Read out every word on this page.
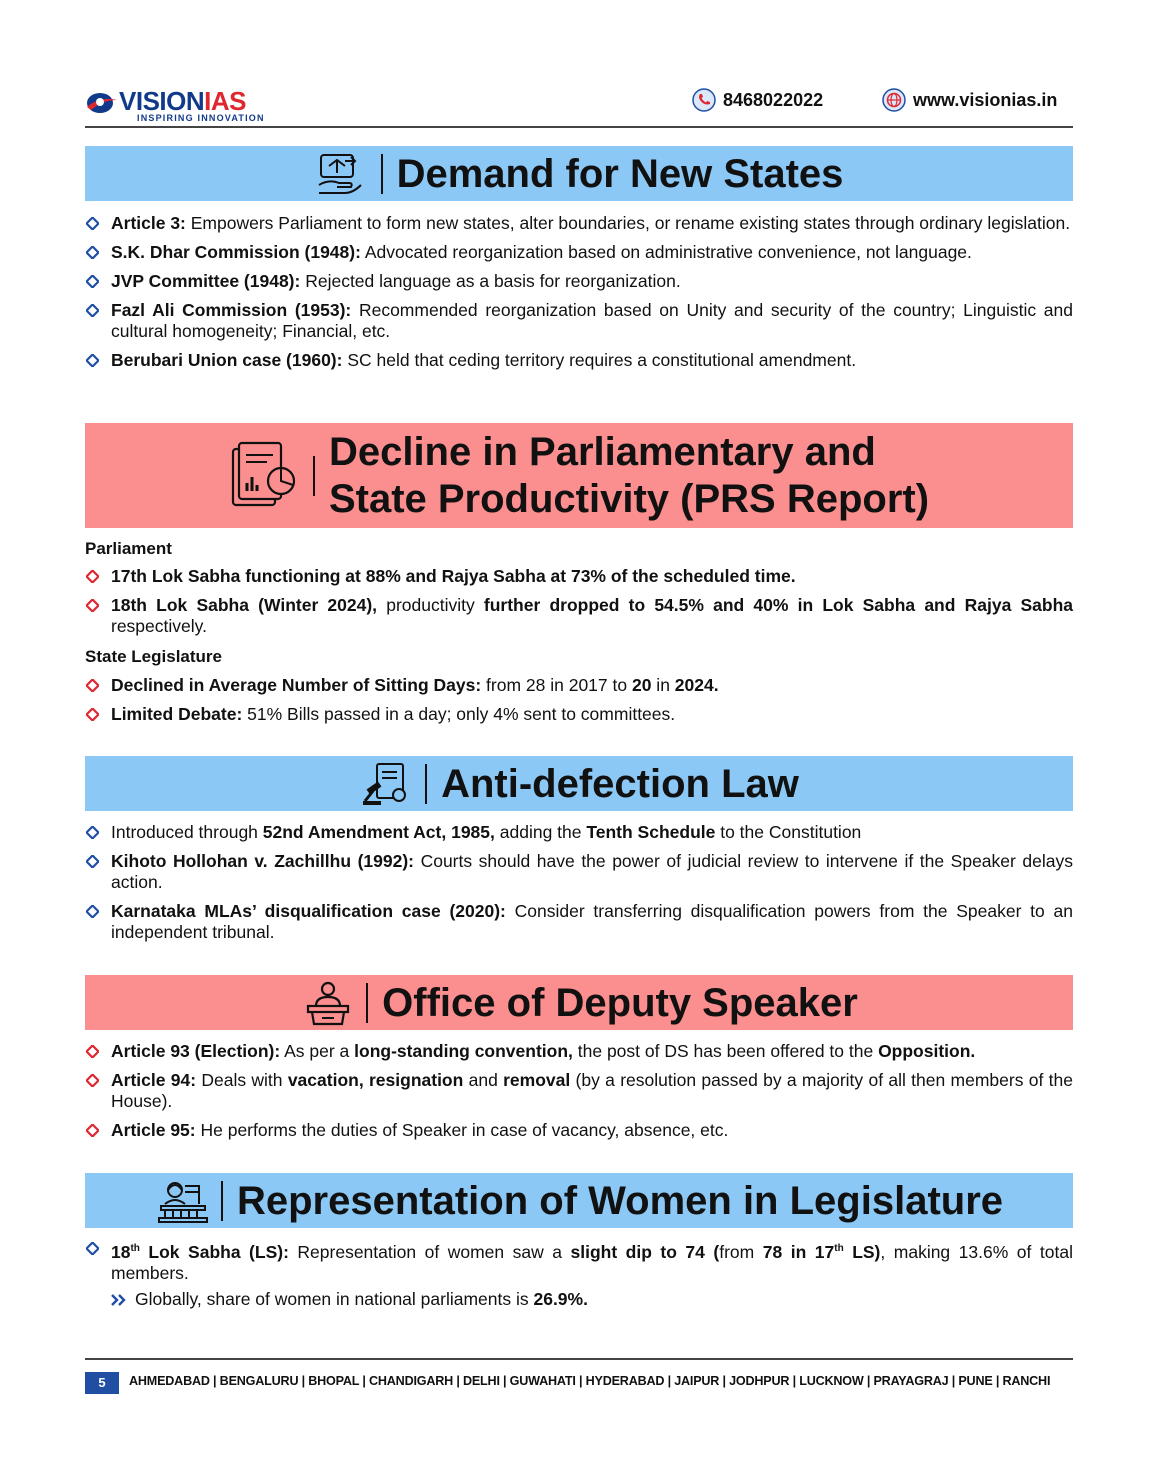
VISIONIAS
INSPIRING INNOVATION
8468022022	www.visionias.in
Demand for New States
Article 3: Empowers Parliament to form new states, alter boundaries, or rename existing states through ordinary legislation.
S.K. Dhar Commission (1948): Advocated reorganization based on administrative convenience, not language.
JVP Committee (1948): Rejected language as a basis for reorganization.
Fazl Ali Commission (1953): Recommended reorganization based on Unity and security of the country; Linguistic and cultural homogeneity; Financial, etc.
Berubari Union case (1960): SC held that ceding territory requires a constitutional amendment.
Decline in Parliamentary and
State Productivity (PRS Report)
Parliament
17th Lok Sabha functioning at 88% and Rajya Sabha at 73% of the scheduled time.
18th Lok Sabha (Winter 2024), productivity further dropped to 54.5% and 40% in Lok Sabha and Rajya Sabha respectively.
State Legislature
Declined in Average Number of Sitting Days: from 28 in 2017 to 20 in 2024.
Limited Debate: 51% Bills passed in a day; only 4% sent to committees.
Anti-defection Law
Introduced through 52nd Amendment Act, 1985, adding the Tenth Schedule to the Constitution
Kihoto Hollohan v. Zachillhu (1992): Courts should have the power of judicial review to intervene if the Speaker delays action.
Karnataka MLAs’ disqualification case (2020): Consider transferring disqualification powers from the Speaker to an independent tribunal.
Office of Deputy Speaker
Article 93 (Election): As per a long-standing convention, the post of DS has been offered to the Opposition.
Article 94: Deals with vacation, resignation and removal (by a resolution passed by a majority of all then members of the House).
Article 95: He performs the duties of Speaker in case of vacancy, absence, etc.
Representation of Women in Legislature
18th Lok Sabha (LS): Representation of women saw a slight dip to 74 (from 78 in 17th LS), making 13.6% of total members.
Globally, share of women in national parliaments is 26.9%.
5	AHMEDABAD | BENGALURU | BHOPAL | CHANDIGARH | DELHI | GUWAHATI | HYDERABAD | JAIPUR | JODHPUR | LUCKNOW | PRAYAGRAJ | PUNE | RANCHI
